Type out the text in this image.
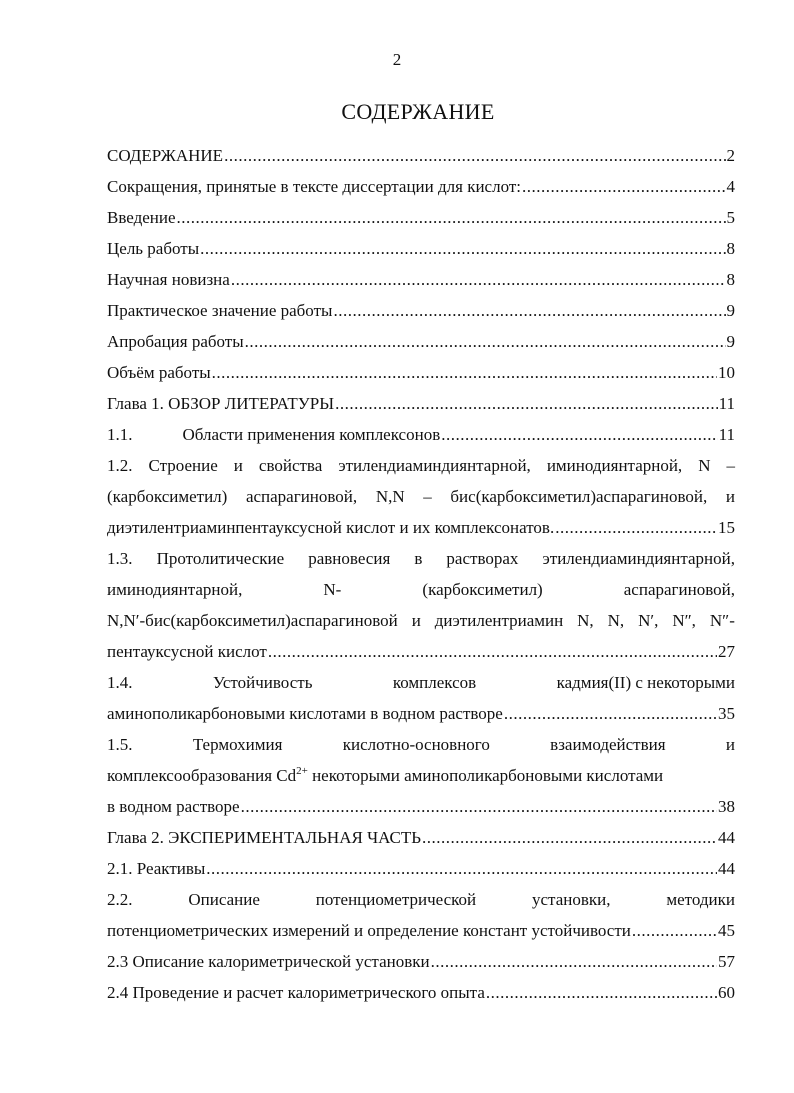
2
СОДЕРЖАНИЕ
СОДЕРЖАНИЕ .....	2
Сокращения, принятые в тексте диссертации для кислот: .....	4
Введение .....	5
Цель работы .....	8
Научная новизна .....	8
Практическое значение работы .....	9
Апробация работы .....	9
Объём работы .....	10
Глава 1. ОБЗОР ЛИТЕРАТУРЫ .....	11
1.1.	Области применения комплексонов .....	11
1.2. Строение и свойства этилендиаминдиянтарной, иминодиянтарной, N –
(карбоксиметил) аспарагиновой, N,N – бис(карбоксиметил)аспарагиновой, и
диэтилентриаминпентауксусной кислот и их комплексонатов. .....	15
1.3. Протолитические равновесия в растворах этилендиаминдиянтарной,
иминодиянтарной,	N-	(карбоксиметил)	аспарагиновой,
N,N′-бис(карбоксиметил)аспарагиновой и диэтилентриамин N, N, N′, N″, N″-
пентауксусной кислот .....	27
1.4.	Устойчивость	комплексов	кадмия(II) с некоторыми
аминополикарбоновыми кислотами в водном растворе .....	35
1.5.	Термохимия	кислотно-основного	взаимодействия	и
комплексообразования $Cd^{2+}$ некоторыми аминополикарбоновыми кислотами
в водном растворе .....	38
Глава 2. ЭКСПЕРИМЕНТАЛЬНАЯ ЧАСТЬ .....	44
2.1. Реактивы .....	44
2.2.	Описание	потенциометрической	установки,	методики
потенциометрических измерений и определение констант устойчивости .....	45
2.3 Описание калориметрической установки .....	57
2.4 Проведение и расчет калориметрического опыта .....	60
